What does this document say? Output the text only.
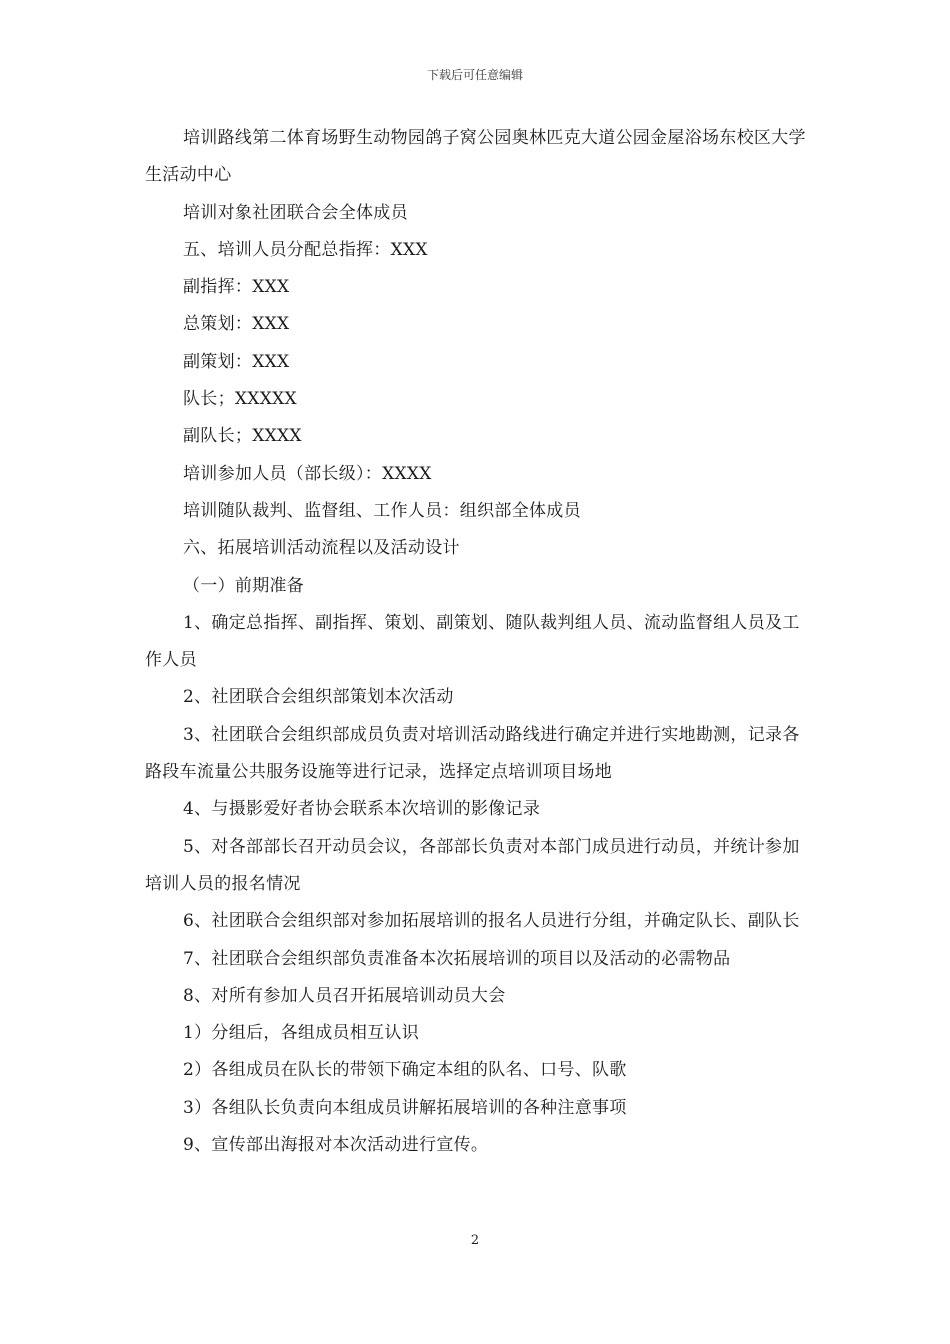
下载后可任意编辑

培训路线第二体育场野生动物园鸽子窝公园奥林匹克大道公园金屋浴场东校区大学生活动中心

培训对象社团联合会全体成员

五、培训人员分配总指挥：XXX

副指挥：XXX

总策划：XXX

副策划：XXX

队长；XXXXX

副队长；XXXX

培训参加人员（部长级）：XXXX

培训随队裁判、监督组、工作人员：组织部全体成员

六、拓展培训活动流程以及活动设计

（一）前期准备

1、确定总指挥、副指挥、策划、副策划、随队裁判组人员、流动监督组人员及工作人员

2、社团联合会组织部策划本次活动

3、社团联合会组织部成员负责对培训活动路线进行确定并进行实地勘测，记录各路段车流量公共服务设施等进行记录，选择定点培训项目场地

4、与摄影爱好者协会联系本次培训的影像记录

5、对各部部长召开动员会议，各部部长负责对本部门成员进行动员，并统计参加培训人员的报名情况

6、社团联合会组织部对参加拓展培训的报名人员进行分组，并确定队长、副队长

7、社团联合会组织部负责准备本次拓展培训的项目以及活动的必需物品

8、对所有参加人员召开拓展培训动员大会

1）分组后，各组成员相互认识

2）各组成员在队长的带领下确定本组的队名、口号、队歌

3）各组队长负责向本组成员讲解拓展培训的各种注意事项

9、宣传部出海报对本次活动进行宣传。

2
